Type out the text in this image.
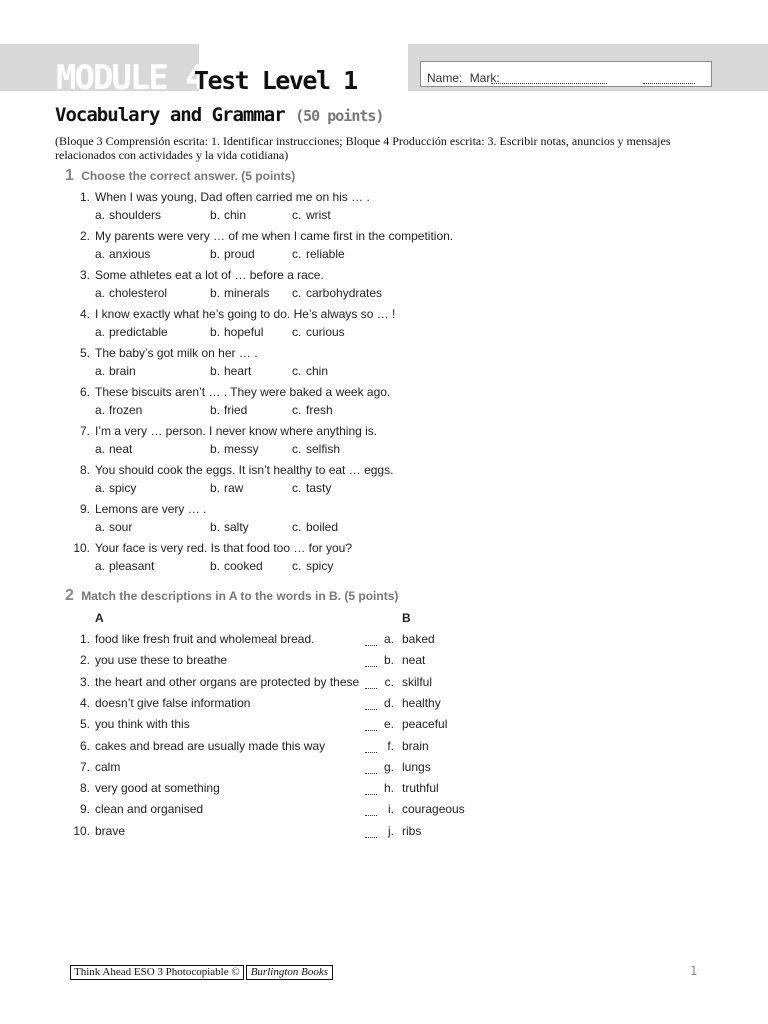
MODULE 4
Test Level 1	Name: Mark:
Vocabulary and Grammar (50 points)
(Bloque 3 Comprensión escrita: 1. Identificar instrucciones; Bloque 4 Producción escrita: 3. Escribir notas, anuncios y mensajes relacionados con actividades y la vida cotidiana)
1 Choose the correct answer. (5 points)
1. When I was young, Dad often carried me on his … .
a. shoulders	b. chin	c. wrist
2. My parents were very … of me when I came first in the competition.
a. anxious	b. proud	c. reliable
3. Some athletes eat a lot of … before a race.
a. cholesterol	b. minerals c. carbohydrates
4. I know exactly what he’s going to do. He’s always so … !
a. predictable	b. hopeful c. curious
5. The baby’s got milk on her … .
a. brain	b. heart	c. chin
6. These biscuits aren’t … . They were baked a week ago.
a. frozen	b. fried	c. fresh
7. I’m a very … person. I never know where anything is.
a. neat	b. messy	c. selfish
8. You should cook the eggs. It isn’t healthy to eat … eggs.
a. spicy	b. raw	c. tasty
9. Lemons are very … .
a. sour	b. salty	c. boiled
10. Your face is very red. Is that food too … for you?
a. pleasant	b. cooked c. spicy
2 Match the descriptions in A to the words in B. (5 points)
A	B
1. food like fresh fruit and wholemeal bread.	a. baked
2. you use these to breathe	b. neat
3. the heart and other organs are protected by these	c. skilful
4. doesn’t give false information	d. healthy
5. you think with this	e. peaceful
6. cakes and bread are usually made this way	f. brain
7. calm	g. lungs
8. very good at something	h. truthful
9. clean and organised	i. courageous
10. brave	j. ribs
Think Ahead ESO 3 Photocopiable ©	Burlington Books	1
